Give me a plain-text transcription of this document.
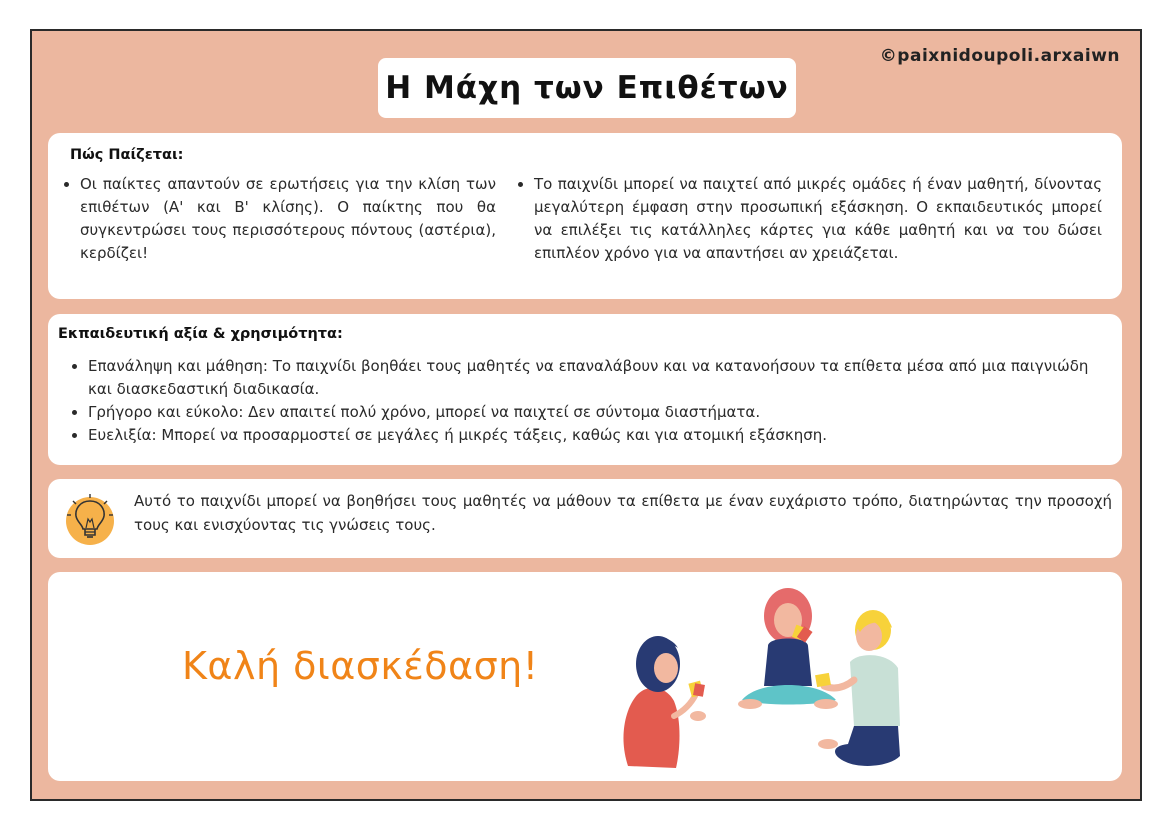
©paixnidoupoli.arxaiwn
Η Μάχη των Επιθέτων
Πώς Παίζεται:
• Οι παίκτες απαντούν σε ερωτήσεις για την κλίση των επιθέτων (Α' και Β' κλίσης). Ο παίκτης που θα συγκεντρώσει τους περισσότερους πόντους (αστέρια), κερδίζει!
• Το παιχνίδι μπορεί να παιχτεί από μικρές ομάδες ή έναν μαθητή, δίνοντας μεγαλύτερη έμφαση στην προσωπική εξάσκηση. Ο εκπαιδευτικός μπορεί να επιλέξει τις κατάλληλες κάρτες για κάθε μαθητή και να του δώσει επιπλέον χρόνο για να απαντήσει αν χρειάζεται.
Εκπαιδευτική αξία & χρησιμότητα:
• Επανάληψη και μάθηση: Το παιχνίδι βοηθάει τους μαθητές να επαναλάβουν και να κατανοήσουν τα επίθετα μέσα από μια παιγνιώδη και διασκεδαστική διαδικασία.
• Γρήγορο και εύκολο: Δεν απαιτεί πολύ χρόνο, μπορεί να παιχτεί σε σύντομα διαστήματα.
• Ευελιξία: Μπορεί να προσαρμοστεί σε μεγάλες ή μικρές τάξεις, καθώς και για ατομική εξάσκηση.
Αυτό το παιχνίδι μπορεί να βοηθήσει τους μαθητές να μάθουν τα επίθετα με έναν ευχάριστο τρόπο, διατηρώντας την προσοχή τους και ενισχύοντας τις γνώσεις τους.
Καλή διασκέδαση!
